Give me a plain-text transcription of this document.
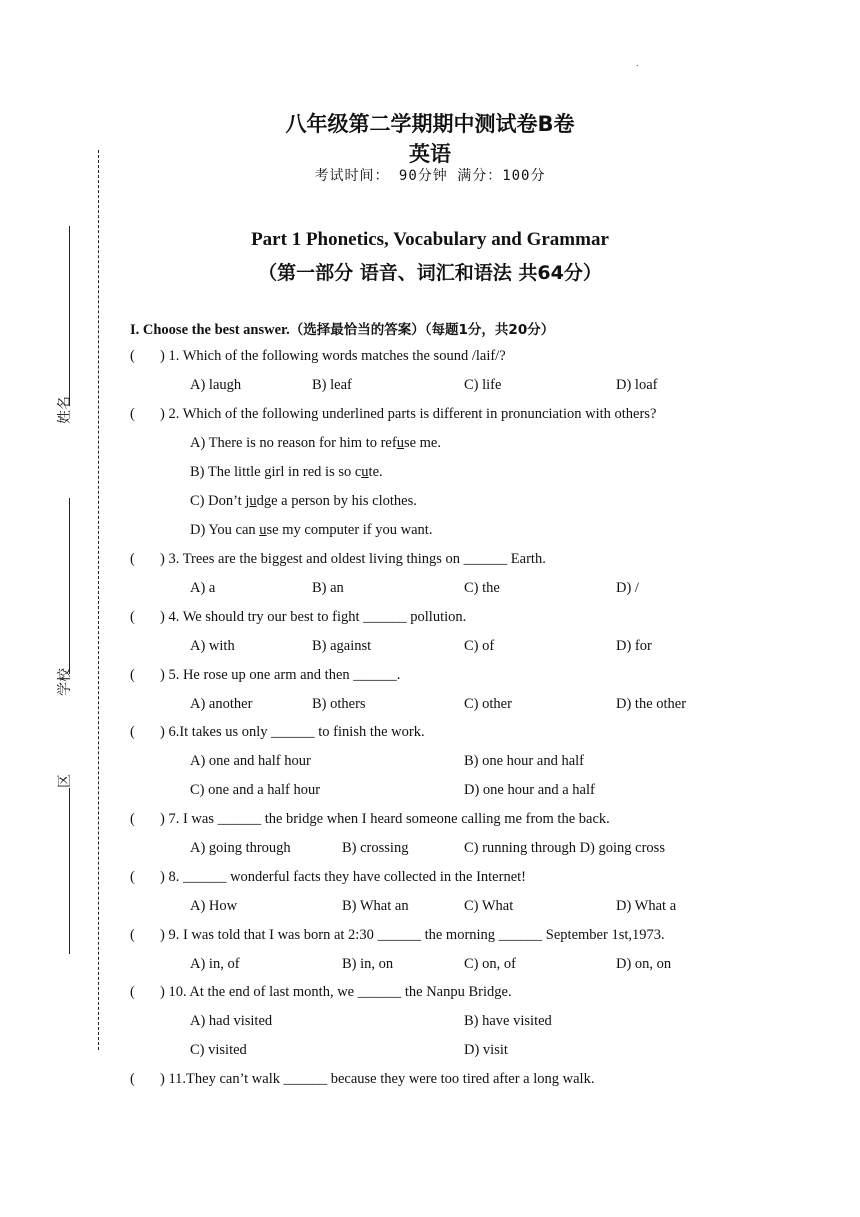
.
八年级第二学期期中测试卷B卷
英语
考试时间： 90分钟 满分：100分
Part 1 Phonetics, Vocabulary and Grammar
（第一部分 语音、词汇和语法 共64分）
姓名
学校
区
I. Choose the best answer.（选择最恰当的答案）（每题1分，共20分）
( ) 1. Which of the following words matches the sound /laif/?
A) laugh	B) leaf	C) life	D) loaf
( ) 2. Which of the following underlined parts is different in pronunciation with others?
A) There is no reason for him to refuse me.
B) The little girl in red is so cute.
C) Don’t judge a person by his clothes.
D) You can use my computer if you want.
( ) 3. Trees are the biggest and oldest living things on ______ Earth.
A) a	B) an	C) the	D) /
( ) 4. We should try our best to fight ______ pollution.
A) with	B) against	C) of	D) for
( ) 5. He rose up one arm and then ______.
A) another	B) others	C) other	D) the other
( ) 6.It takes us only ______ to finish the work.
A) one and half hour	B) one hour and half
C) one and a half hour	D) one hour and a half
( ) 7. I was ______ the bridge when I heard someone calling me from the back.
A) going through	B) crossing	C) running through D) going cross
( ) 8. ______ wonderful facts they have collected in the Internet!
A) How	B) What an	C) What	D) What a
( ) 9. I was told that I was born at 2:30 ______ the morning ______ September 1st,1973.
A) in, of	B) in, on	C) on, of	D) on, on
( ) 10. At the end of last month, we ______ the Nanpu Bridge.
A) had visited	B) have visited
C) visited	D) visit
( ) 11.They can’t walk ______ because they were too tired after a long walk.
